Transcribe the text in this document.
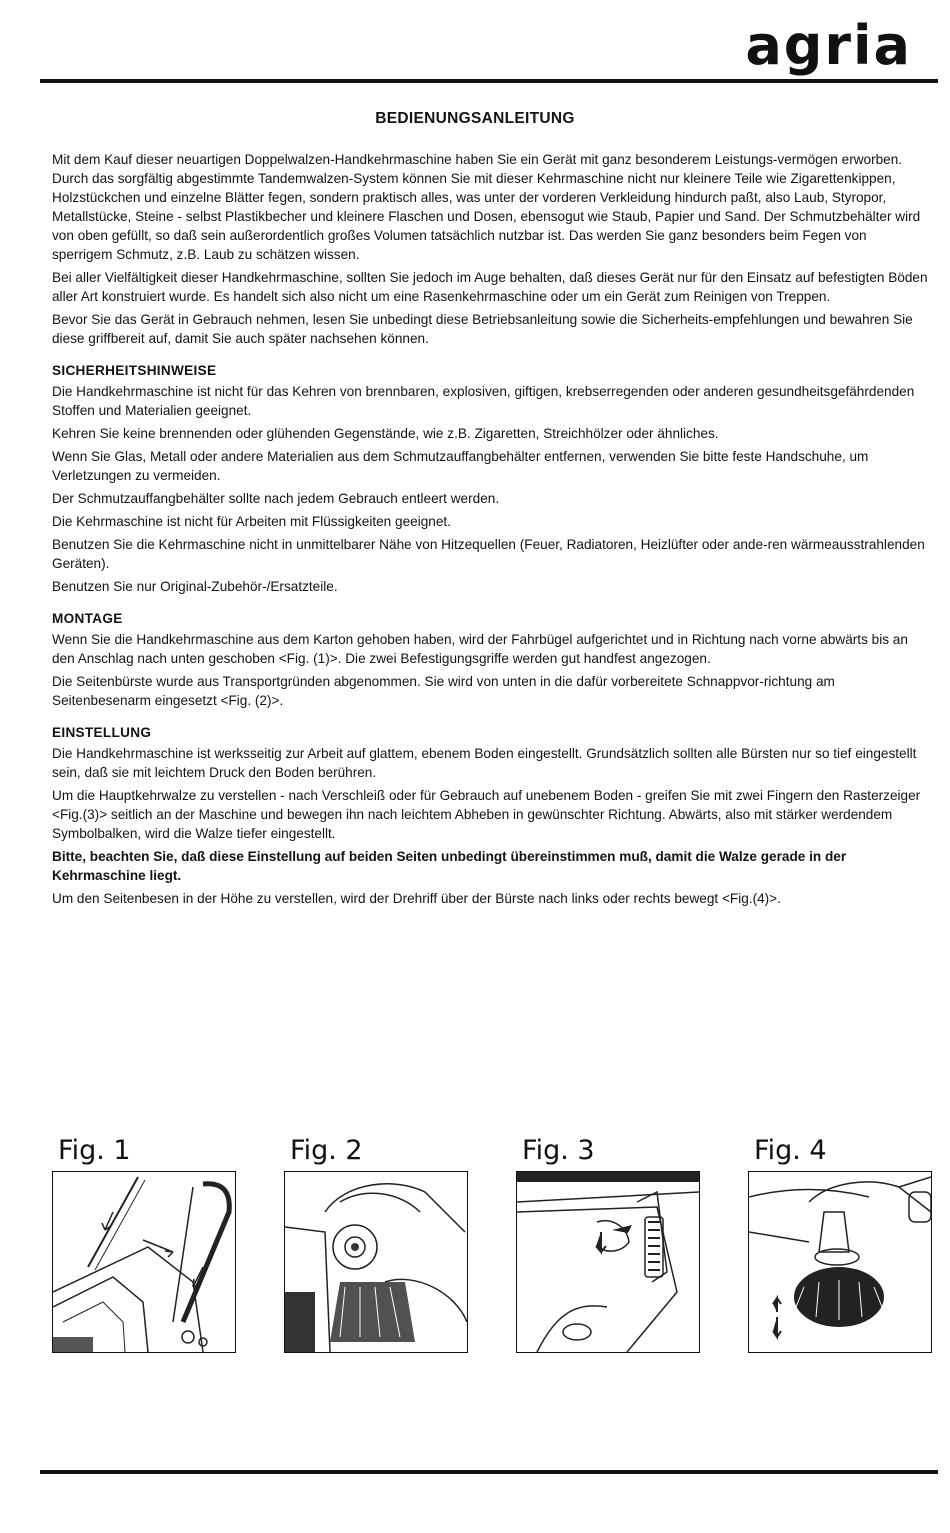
agria
BEDIENUNGSANLEITUNG

Mit dem Kauf dieser neuartigen Doppelwalzen-Handkehrmaschine haben Sie ein Gerät mit ganz besonderem Leistungs-vermögen erworben. Durch das sorgfältig abgestimmte Tandemwalzen-System können Sie mit dieser Kehrmaschine nicht nur kleinere Teile wie Zigarettenkippen, Holzstückchen und einzelne Blätter fegen, sondern praktisch alles, was unter der vorderen Verkleidung hindurch paßt, also Laub, Styropor, Metallstücke, Steine - selbst Plastikbecher und kleinere Flaschen und Dosen, ebensogut wie Staub, Papier und Sand. Der Schmutzbehälter wird von oben gefüllt, so daß sein außerordentlich großes Volumen tatsächlich nutzbar ist. Das werden Sie ganz besonders beim Fegen von sperrigem Schmutz, z.B. Laub zu schätzen wissen.

Bei aller Vielfältigkeit dieser Handkehrmaschine, sollten Sie jedoch im Auge behalten, daß dieses Gerät nur für den Einsatz auf befestigten Böden aller Art konstruiert wurde. Es handelt sich also nicht um eine Rasenkehrmaschine oder um ein Gerät zum Reinigen von Treppen.

Bevor Sie das Gerät in Gebrauch nehmen, lesen Sie unbedingt diese Betriebsanleitung sowie die Sicherheits-empfehlungen und bewahren Sie diese griffbereit auf, damit Sie auch später nachsehen können.

SICHERHEITSHINWEISE

Die Handkehrmaschine ist nicht für das Kehren von brennbaren, explosiven, giftigen, krebserregenden oder anderen gesundheitsgefährdenden Stoffen und Materialien geeignet.

Kehren Sie keine brennenden oder glühenden Gegenstände, wie z.B. Zigaretten, Streichhölzer oder ähnliches.

Wenn Sie Glas, Metall oder andere Materialien aus dem Schmutzauffangbehälter entfernen, verwenden Sie bitte feste Handschuhe, um Verletzungen zu vermeiden.

Der Schmutzauffangbehälter sollte nach jedem Gebrauch entleert werden.

Die Kehrmaschine ist nicht für Arbeiten mit Flüssigkeiten geeignet.

Benutzen Sie die Kehrmaschine nicht in unmittelbarer Nähe von Hitzequellen (Feuer, Radiatoren, Heizlüfter oder ande-ren wärmeausstrahlenden Geräten).

Benutzen Sie nur Original-Zubehör-/Ersatzteile.

MONTAGE

Wenn Sie die Handkehrmaschine aus dem Karton gehoben haben, wird der Fahrbügel aufgerichtet und in Richtung nach vorne abwärts bis an den Anschlag nach unten geschoben <Fig. (1)>. Die zwei Befestigungsgriffe werden gut handfest angezogen.

Die Seitenbürste wurde aus Transportgründen abgenommen. Sie wird von unten in die dafür vorbereitete Schnappvor-richtung am Seitenbesenarm eingesetzt <Fig. (2)>.

EINSTELLUNG

Die Handkehrmaschine ist werksseitig zur Arbeit auf glattem, ebenem Boden eingestellt. Grundsätzlich sollten alle Bürsten nur so tief eingestellt sein, daß sie mit leichtem Druck den Boden berühren.

Um die Hauptkehrwalze zu verstellen - nach Verschleiß oder für Gebrauch auf unebenem Boden - greifen Sie mit zwei Fingern den Rasterzeiger <Fig.(3)> seitlich an der Maschine und bewegen ihn nach leichtem Abheben in gewünschter Richtung. Abwärts, also mit stärker werdendem Symbolbalken, wird die Walze tiefer eingestellt.

Bitte, beachten Sie, daß diese Einstellung auf beiden Seiten unbedingt übereinstimmen muß, damit die Walze gerade in der Kehrmaschine liegt.

Um den Seitenbesen in der Höhe zu verstellen, wird der Drehriff über der Bürste nach links oder rechts bewegt <Fig.(4)>.

Fig. 1	Fig. 2	Fig. 3	Fig. 4
